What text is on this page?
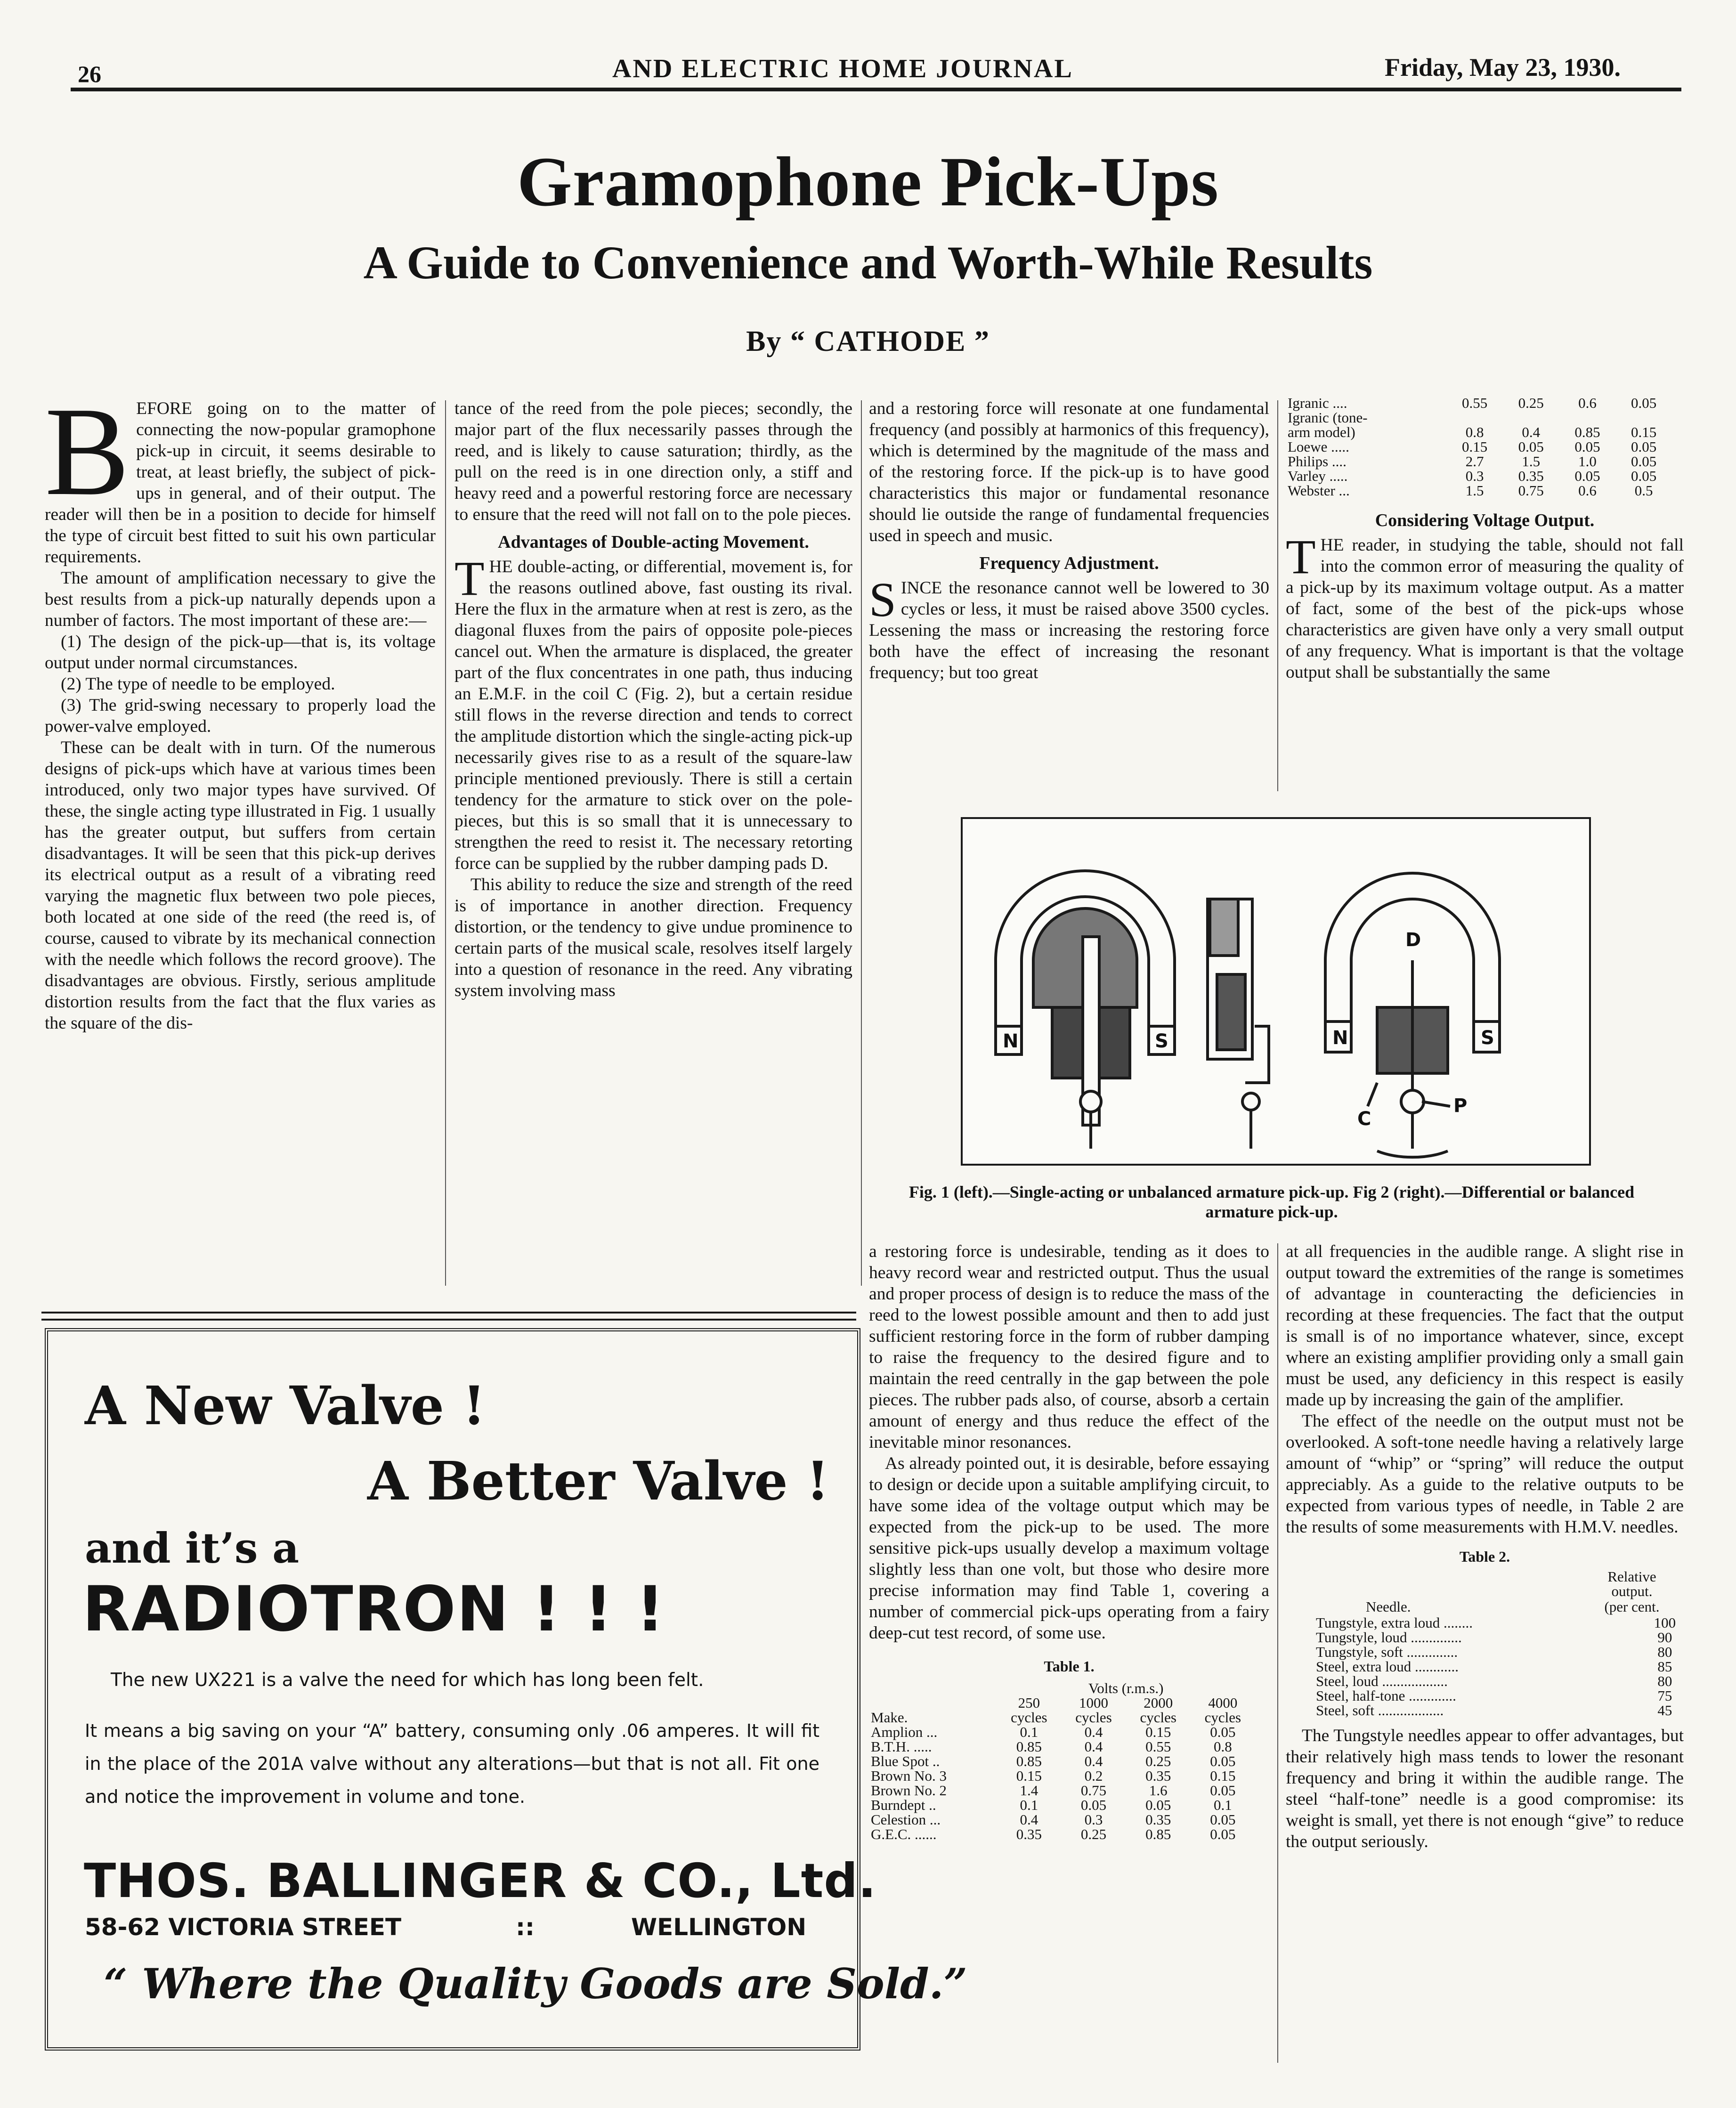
26	AND ELECTRIC HOME JOURNAL	Friday, May 23, 1930.
Gramophone Pick-Ups
A Guide to Convenience and Worth-While Results
By “ CATHODE ”
B EFORE going on to the matter of connecting the now-popular gramophone pick-up in circuit, it seems desirable to treat, at least briefly, the subject of pick-ups in general, and of their output. The reader will then be in a position to decide for himself the type of circuit best fitted to suit his own particular requirements.

The amount of amplification necessary to give the best results from a pick-up naturally depends upon a number of factors. The most important of these are:—

(1) The design of the pick-up—that is, its voltage output under normal circumstances.

(2) The type of needle to be employed.

(3) The grid-swing necessary to properly load the power-valve employed.

These can be dealt with in turn. Of the numerous designs of pick-ups which have at various times been introduced, only two major types have survived. Of these, the single acting type illustrated in Fig. 1 usually has the greater output, but suffers from certain disadvantages. It will be seen that this pick-up derives its electrical output as a result of a vibrating reed varying the magnetic flux between two pole pieces, both located at one side of the reed (the reed is, of course, caused to vibrate by its mechanical connection with the needle which follows the record groove). The disadvantages are obvious. Firstly, serious amplitude distortion results from the fact that the flux varies as the square of the dis-

tance of the reed from the pole pieces; secondly, the major part of the flux necessarily passes through the reed, and is likely to cause saturation; thirdly, as the pull on the reed is in one direction only, a stiff and heavy reed and a powerful restoring force are necessary to ensure that the reed will not fall on to the pole pieces.

Advantages of Double-acting Movement.
T HE double-acting, or differential, movement is, for the reasons outlined above, fast ousting its rival. Here the flux in the armature when at rest is zero, as the diagonal fluxes from the pairs of opposite pole-pieces cancel out. When the armature is displaced, the greater part of the flux concentrates in one path, thus inducing an E.M.F. in the coil C (Fig. 2), but a certain residue still flows in the reverse direction and tends to correct the amplitude distortion which the single-acting pick-up necessarily gives rise to as a result of the square-law principle mentioned previously. There is still a certain tendency for the armature to stick over on the pole-pieces, but this is so small that it is unnecessary to strengthen the reed to resist it. The necessary retorting force can be supplied by the rubber damping pads D.

This ability to reduce the size and strength of the reed is of importance in another direction. Frequency distortion, or the tendency to give undue prominence to certain parts of the musical scale, resolves itself largely into a question of resonance in the reed. Any vibrating system involving mass

and a restoring force will resonate at one fundamental frequency (and possibly at harmonics of this frequency), which is determined by the magnitude of the mass and of the restoring force. If the pick-up is to have good characteristics this major or fundamental resonance should lie outside the range of fundamental frequencies used in speech and music.

Frequency Adjustment.
S INCE the resonance cannot well be lowered to 30 cycles or less, it must be raised above 3500 cycles. Lessening the mass or increasing the restoring force both have the effect of increasing the resonant frequency; but too great

Igranic ....	0.55	0.25	0.6	0.05
Igranic (tone-				
arm model)	0.8	0.4	0.85	0.15
Loewe .....	0.15	0.05	0.05	0.05
Philips ....	2.7	1.5	1.0	0.05
Varley .....	0.3	0.35	0.05	0.05
Webster ...	1.5	0.75	0.6	0.5
Considering Voltage Output.
T HE reader, in studying the table, should not fall into the common error of measuring the quality of a pick-up by its maximum voltage output. As a matter of fact, some of the best of the pick-ups whose characteristics are given have only a very small output of any frequency. What is important is that the voltage output shall be substantially the same

N	S	N	S
D
C
P
Fig. 1 (left).—Single-acting or unbalanced armature pick-up. Fig 2 (right).—Differential or balanced armature pick-up.

a restoring force is undesirable, tending as it does to heavy record wear and restricted output. Thus the usual and proper process of design is to reduce the mass of the reed to the lowest possible amount and then to add just sufficient restoring force in the form of rubber damping to raise the frequency to the desired figure and to maintain the reed centrally in the gap between the pole pieces. The rubber pads also, of course, absorb a certain amount of energy and thus reduce the effect of the inevitable minor resonances.

As already pointed out, it is desirable, before essaying to design or decide upon a suitable amplifying circuit, to have some idea of the voltage output which may be expected from the pick-up to be used. The more sensitive pick-ups usually develop a maximum voltage slightly less than one volt, but those who desire more precise information may find Table 1, covering a number of commercial pick-ups operating from a fairy deep-cut test record, of some use.

Table 1.
	Volts (r.m.s.)			
	250	1000	2000	4000
Make.	cycles	cycles	cycles	cycles
Amplion ...	0.1	0.4	0.15	0.05
B.T.H. .....	0.85	0.4	0.55	0.8
Blue Spot ..	0.85	0.4	0.25	0.05
Brown No. 3	0.15	0.2	0.35	0.15
Brown No. 2	1.4	0.75	1.6	0.05
Burndept ..	0.1	0.05	0.05	0.1
Celestion ...	0.4	0.3	0.35	0.05
G.E.C. ......	0.35	0.25	0.85	0.05

at all frequencies in the audible range. A slight rise in output toward the extremities of the range is sometimes of advantage in counteracting the deficiencies in recording at these frequencies. The fact that the output is small is of no importance whatever, since, except where an existing amplifier providing only a small gain must be used, any deficiency in this respect is easily made up by increasing the gain of the amplifier.

The effect of the needle on the output must not be overlooked. A soft-tone needle having a relatively large amount of “whip” or “spring” will reduce the output appreciably. As a guide to the relative outputs to be expected from various types of needle, in Table 2 are the results of some measurements with H.M.V. needles.

Table 2.
Relative output.
Needle.	(per cent.
Tungstyle, extra loud ........	100
Tungstyle, loud ..............	90
Tungstyle, soft ..............	80
Steel, extra loud ............	85
Steel, loud ..................	80
Steel, half-tone .............	75
Steel, soft ..................	45

The Tungstyle needles appear to offer advantages, but their relatively high mass tends to lower the resonant frequency and bring it within the audible range. The steel “half-tone” needle is a good compromise: its weight is small, yet there is not enough “give” to reduce the output seriously.

A New Valve !
A Better Valve !
and it’s a
RADIOTRON ! ! !
The new UX221 is a valve the need for which has long been felt.
It means a big saving on your “A” battery, consuming only .06 amperes. It will fit in the place of the 201A valve without any alterations—but that is not all. Fit one and notice the improvement in volume and tone.
THOS. BALLINGER & CO., Ltd.
58-62 VICTORIA STREET	::	WELLINGTON
“ Where the Quality Goods are Sold.”
